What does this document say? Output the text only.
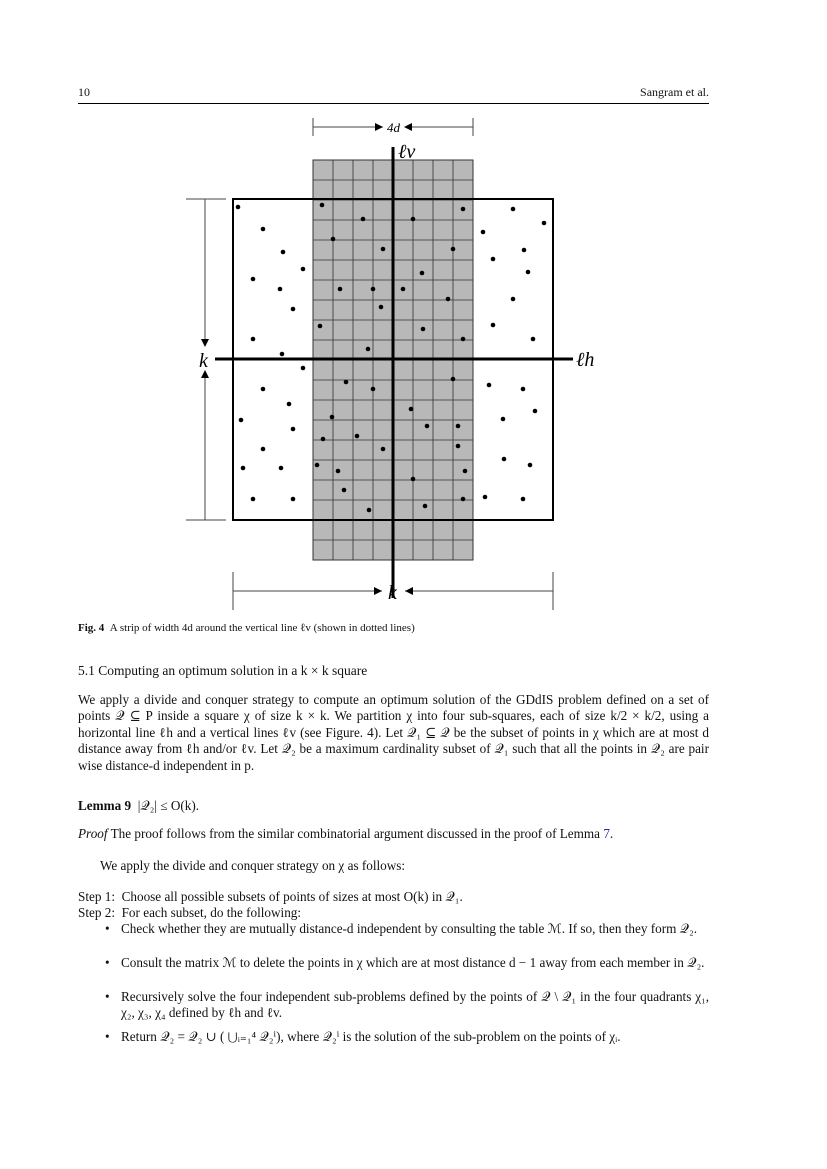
10	Sangram et al.
4d
ℓv
ℓh
k
k
Fig. 4 A strip of width 4d around the vertical line ℓv (shown in dotted lines)
5.1 Computing an optimum solution in a k × k square
We apply a divide and conquer strategy to compute an optimum solution of the GDdIS problem defined on a set of points 𝒬 ⊆ P inside a square χ of size k × k. We partition χ into four sub-squares, each of size k/2 × k/2, using a horizontal line ℓh and a vertical lines ℓv (see Figure. 4). Let 𝒬₁ ⊆ 𝒬 be the subset of points in χ which are at most d distance away from ℓh and/or ℓv. Let 𝒬₂ be a maximum cardinality subset of 𝒬₁ such that all the points in 𝒬₂ are pair wise distance-d independent in p.
Lemma 9 |𝒬₂| ≤ O(k).
Proof The proof follows from the similar combinatorial argument discussed in the proof of Lemma 7.
We apply the divide and conquer strategy on χ as follows:
Step 1: Choose all possible subsets of points of sizes at most O(k) in 𝒬₁.
Step 2: For each subset, do the following:
• Check whether they are mutually distance-d independent by consulting the table ℳ. If so, then they form 𝒬₂.
• Consult the matrix ℳ to delete the points in χ which are at most distance d − 1 away from each member in 𝒬₂.
• Recursively solve the four independent sub-problems defined by the points of 𝒬 \ 𝒬₁ in the four quadrants χ₁, χ₂, χ₃, χ₄ defined by ℓh and ℓv.
• Return 𝒬₂ = 𝒬₂ ∪ ( ⋃ᵢ₌₁⁴ 𝒬₂ⁱ), where 𝒬₂ⁱ is the solution of the sub-problem on the points of χᵢ.
